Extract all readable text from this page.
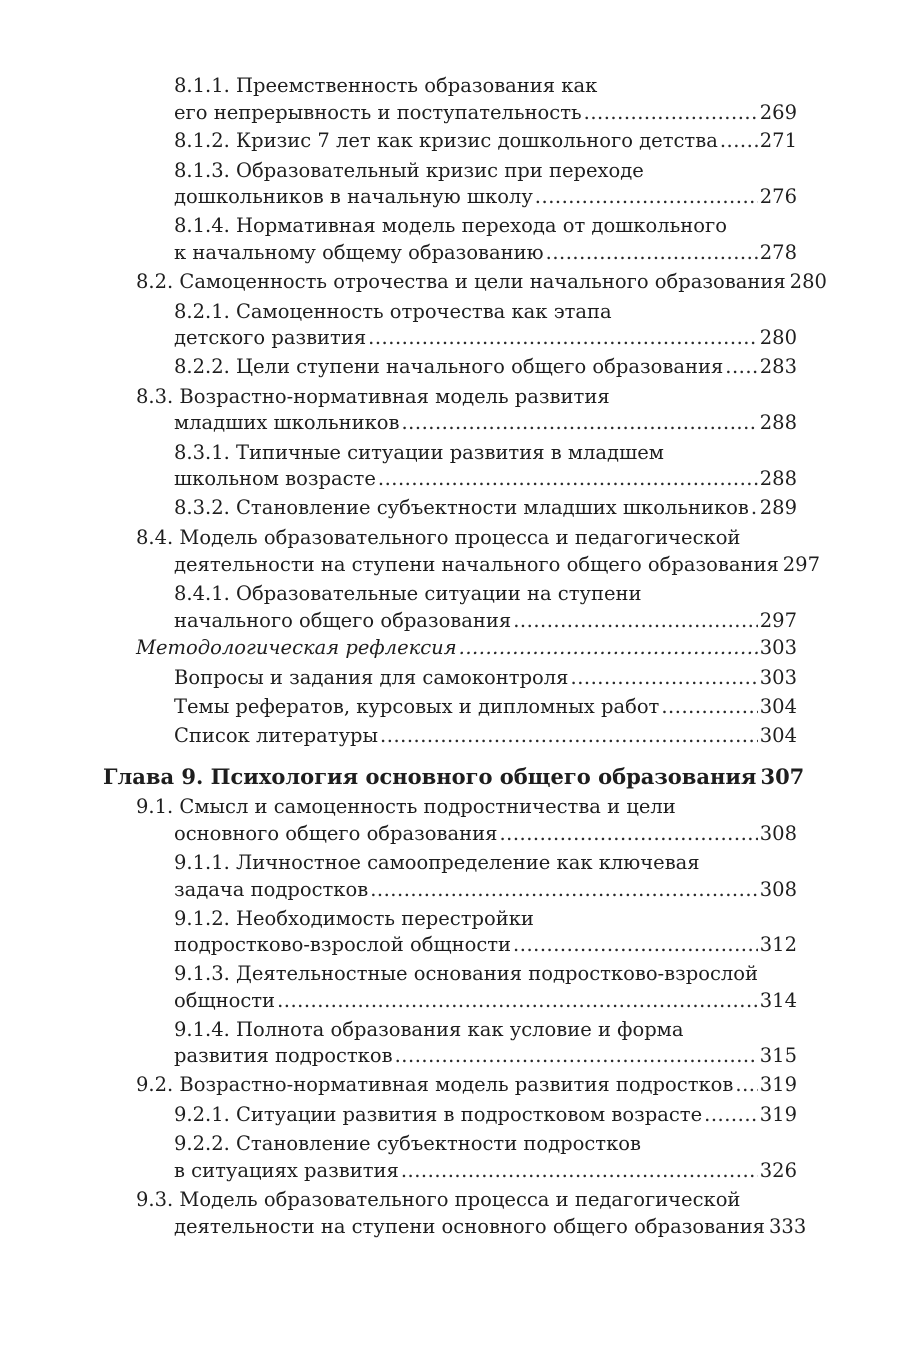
8.1.1. Преемственность образования как
его непрерывность и поступательность .....	269
8.1.2. Кризис 7 лет как кризис дошкольного детства ..... 271
8.1.3. Образовательный кризис при переходе
дошкольников в начальную школу .....	276
8.1.4. Нормативная модель перехода от дошкольного
к начальному общему образованию .....	278
8.2. Самоценность отрочества и цели начального образования 280
8.2.1. Самоценность отрочества как этапа
детского развития .....	280
8.2.2. Цели ступени начального общего образования ..... 283
8.3. Возрастно-нормативная модель развития
младших школьников .....	288
8.3.1. Типичные ситуации развития в младшем
школьном возрасте .....	288
8.3.2. Становление субъектности младших школьников ..... 289
8.4. Модель образовательного процесса и педагогической
деятельности на ступени начального общего образования 297
8.4.1. Образовательные ситуации на ступени
начального общего образования .....	297
Методологическая рефлексия .....	303
Вопросы и задания для самоконтроля .....	303
Темы рефератов, курсовых и дипломных работ .....	304
Список литературы .....	304
Глава 9. Психология основного общего образования 307
9.1. Смысл и самоценность подростничества и цели
основного общего образования .....	308
9.1.1. Личностное самоопределение как ключевая
задача подростков .....	308
9.1.2. Необходимость перестройки
подростково-взрослой общности .....	312
9.1.3. Деятельностные основания подростково-взрослой
общности .....	314
9.1.4. Полнота образования как условие и форма
развития подростков .....	315
9.2. Возрастно-нормативная модель развития подростков ..... 319
9.2.1. Ситуации развития в подростковом возрасте .....	319
9.2.2. Становление субъектности подростков
в ситуациях развития .....	326
9.3. Модель образовательного процесса и педагогической
деятельности на ступени основного общего образования 333
